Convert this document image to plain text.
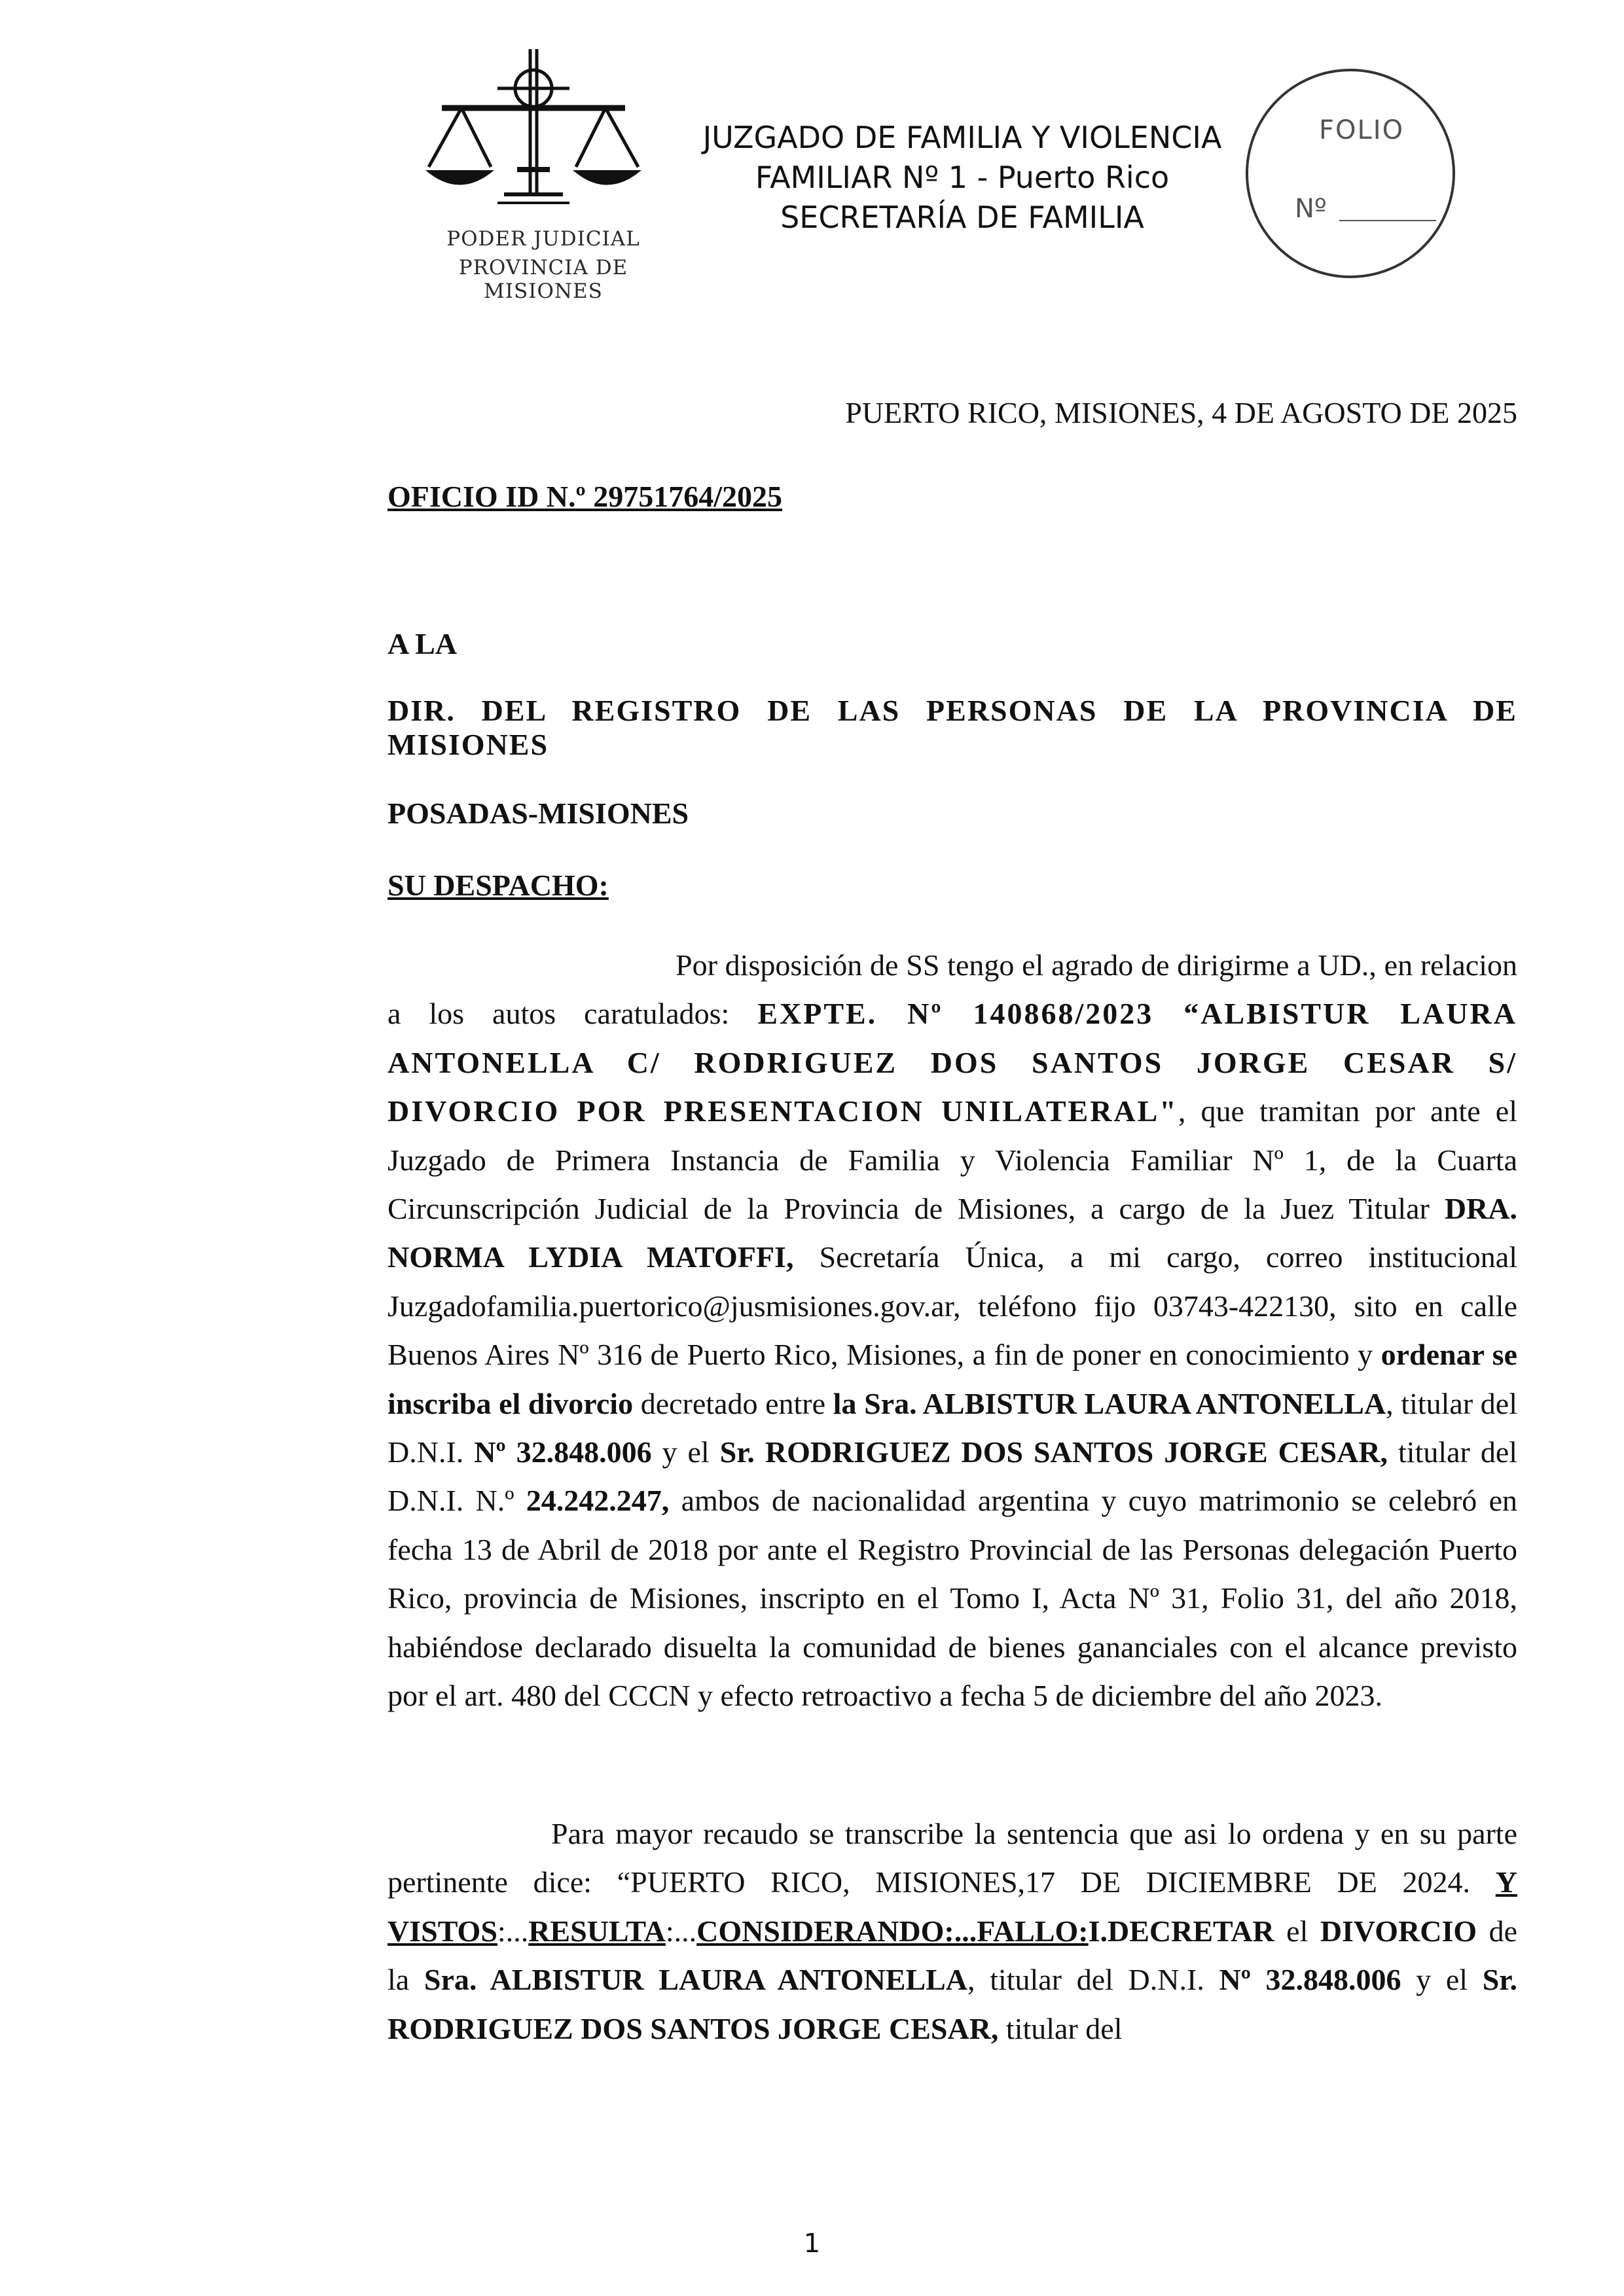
PODER JUDICIAL
PROVINCIA DE MISIONES
JUZGADO DE FAMILIA Y VIOLENCIA
FAMILIAR Nº 1 - Puerto Rico
SECRETARÍA DE FAMILIA
FOLIO
Nº
PUERTO RICO, MISIONES, 4 DE AGOSTO DE 2025
OFICIO ID N.º 29751764/2025
A LA
DIR. DEL REGISTRO DE LAS PERSONAS DE LA PROVINCIA DE MISIONES
POSADAS-MISIONES
SU DESPACHO:
Por disposición de SS tengo el agrado de dirigirme a UD., en relacion a los autos caratulados: EXPTE. Nº 140868/2023 “ALBISTUR LAURA ANTONELLA C/ RODRIGUEZ DOS SANTOS JORGE CESAR S/ DIVORCIO POR PRESENTACION UNILATERAL", que tramitan por ante el Juzgado de Primera Instancia de Familia y Violencia Familiar Nº 1, de la Cuarta Circunscripción Judicial de la Provincia de Misiones, a cargo de la Juez Titular DRA. NORMA LYDIA MATOFFI, Secretaría Única, a mi cargo, correo institucional Juzgadofamilia.puertorico@jusmisiones.gov.ar, teléfono fijo 03743-422130, sito en calle Buenos Aires Nº 316 de Puerto Rico, Misiones, a fin de poner en conocimiento y ordenar se inscriba el divorcio decretado entre la Sra. ALBISTUR LAURA ANTONELLA, titular del D.N.I. Nº 32.848.006 y el Sr. RODRIGUEZ DOS SANTOS JORGE CESAR, titular del D.N.I. N.º 24.242.247, ambos de nacionalidad argentina y cuyo matrimonio se celebró en fecha 13 de Abril de 2018 por ante el Registro Provincial de las Personas delegación Puerto Rico, provincia de Misiones, inscripto en el Tomo I, Acta Nº 31, Folio 31, del año 2018, habiéndose declarado disuelta la comunidad de bienes gananciales con el alcance previsto por el art. 480 del CCCN y efecto retroactivo a fecha 5 de diciembre del año 2023.
Para mayor recaudo se transcribe la sentencia que asi lo ordena y en su parte pertinente dice: “PUERTO RICO, MISIONES,17 DE DICIEMBRE DE 2024. Y VISTOS:...RESULTA:...CONSIDERANDO:...FALLO:I.DECRETAR el DIVORCIO de la Sra. ALBISTUR LAURA ANTONELLA, titular del D.N.I. Nº 32.848.006 y el Sr. RODRIGUEZ DOS SANTOS JORGE CESAR, titular del
1
